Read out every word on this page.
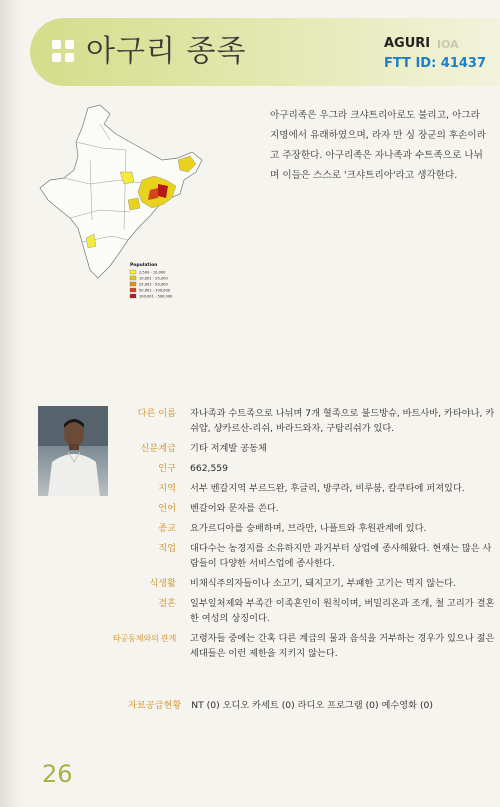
아구리 종족	AGURI IOA
FTT ID: 41437
Population
2,500 - 10,000
10,001 - 25,000
25,001 - 50,000
50,001 - 100,000
100,001 - 500,000
아구리족은 우그라 크샤트리아로도 불리고, 아그라 지명에서 유래하였으며, 라자 만 싱 장군의 후손이라고 주장한다. 아구리족은 자나족과 수트족으로 나뉘며 이들은 스스로 '크샤트리아'라고 생각한다.
다른 이름	자나족과 수트족으로 나뉘며 7개 혈족으로 불드방슈, 바트사바, 카타야나, 카쉬얍, 샹카르산-리쉬, 바라드와자, 구탐리쉬가 있다.
신분계급	기타 저계발 공동체
인구	662,559
지역	서부 벤갈지역 부르드완, 후글리, 방쿠라, 비루붐, 칼쿠타에 퍼져있다.
언어	벤갈어와 문자를 쓴다.
종교	요가르디아를 숭배하며, 브라만, 나플트와 후원관계에 있다.
직업	대다수는 농경지를 소유하지만 과거부터 상업에 종사해왔다. 현재는 많은 사람들이 다양한 서비스업에 종사한다.
식생활	비채식주의자들이나 소고기, 돼지고기, 부패한 고기는 먹지 않는다.
결혼	일부일처제와 부족간 이족혼인이 원칙이며, 버밀리온과 조개, 철 고리가 결혼한 여성의 상징이다.
타공동체와의 관계	고령자들 중에는 간혹 다른 계급의 물과 음식을 거부하는 경우가 있으나 젊은 세대들은 이런 제한을 지키지 않는다.
자료공급현황 NT (0) 오디오 카세트 (0) 라디오 프로그램 (0) 예수영화 (0)
26
